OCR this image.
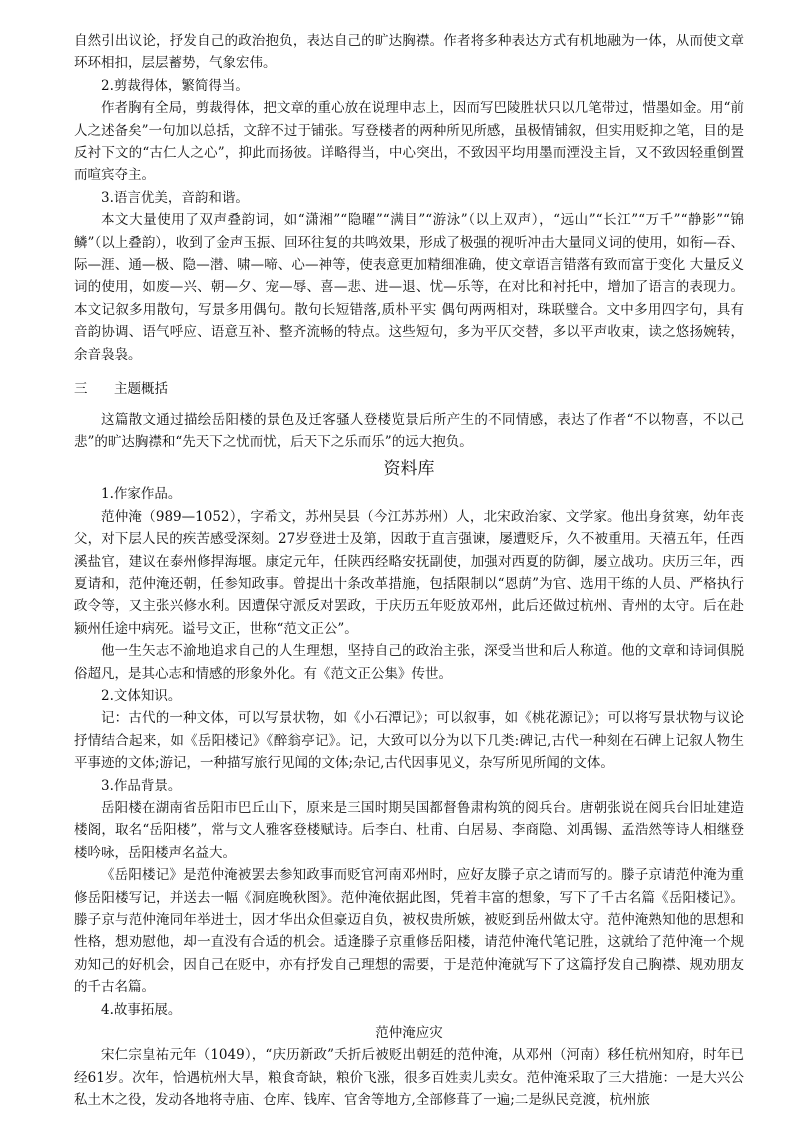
自然引出议论，抒发自己的政治抱负，表达自己的旷达胸襟。作者将多种表达方式有机地融为一体，从而使文章环环相扣，层层蓄势，气象宏伟。

2.剪裁得体，繁简得当。

作者胸有全局，剪裁得体，把文章的重心放在说理申志上，因而写巴陵胜状只以几笔带过，惜墨如金。用“前人之述备矣”一句加以总括，文辞不过于铺张。写登楼者的两种所见所感，虽极情铺叙，但实用贬抑之笔，目的是反衬下文的“古仁人之心”，抑此而扬彼。详略得当，中心突出，不致因平均用墨而湮没主旨，又不致因轻重倒置而喧宾夺主。

3.语言优美，音韵和谐。

本文大量使用了双声叠韵词，如“潇湘”“隐曜”“满目”“游泳”（以上双声），“远山”“长江”“万千”“静影”“锦鳞”（以上叠韵），收到了金声玉振、回环往复的共鸣效果，形成了极强的视听冲击大量同义词的使用，如衔—吞、际—涯、通—极、隐—潜、啸—啼、心—神等，使表意更加精细准确，使文章语言错落有致而富于变化 大量反义词的使用，如废—兴、朝—夕、宠—辱、喜—悲、进—退、忧—乐等，在对比和衬托中，增加了语言的表现力。本文记叙多用散句，写景多用偶句。散句长短错落,质朴平实 偶句两两相对，珠联璧合。文中多用四字句，具有音韵协调、语气呼应、语意互补、整齐流畅的特点。这些短句，多为平仄交替，多以平声收束，读之悠扬婉转，余音袅袅。

三 主题概括

这篇散文通过描绘岳阳楼的景色及迁客骚人登楼览景后所产生的不同情感，表达了作者“不以物喜，不以己悲”的旷达胸襟和“先天下之忧而忧，后天下之乐而乐”的远大抱负。

资料库

1.作家作品。

范仲淹（989—1052），字希文，苏州吴县（今江苏苏州）人，北宋政治家、文学家。他出身贫寒，幼年丧父，对下层人民的疾苦感受深刻。27岁登进士及第，因敢于直言强谏，屡遭贬斥，久不被重用。天禧五年，任西溪盐官，建议在泰州修捍海堰。康定元年，任陕西经略安抚副使，加强对西夏的防御，屡立战功。庆历三年，西夏请和，范仲淹还朝，任参知政事。曾提出十条改革措施，包括限制以“恩荫”为官、选用干练的人员、严格执行政令等，又主张兴修水利。因遭保守派反对罢政，于庆历五年贬放邓州，此后还做过杭州、青州的太守。后在赴颍州任途中病死。谥号文正，世称“范文正公”。

他一生矢志不渝地追求自己的人生理想，坚持自己的政治主张，深受当世和后人称道。他的文章和诗词俱脱俗超凡，是其心志和情感的形象外化。有《范文正公集》传世。

2.文体知识。

记：古代的一种文体，可以写景状物，如《小石潭记》；可以叙事，如《桃花源记》；可以将写景状物与议论抒情结合起来，如《岳阳楼记》《醉翁亭记》。记，大致可以分为以下几类:碑记,古代一种刻在石碑上记叙人物生平事迹的文体;游记，一种描写旅行见闻的文体;杂记,古代因事见义，杂写所见所闻的文体。

3.作品背景。

岳阳楼在湖南省岳阳市巴丘山下，原来是三国时期吴国都督鲁肃构筑的阅兵台。唐朝张说在阅兵台旧址建造楼阁，取名“岳阳楼”，常与文人雅客登楼赋诗。后李白、杜甫、白居易、李商隐、刘禹锡、孟浩然等诗人相继登楼吟咏，岳阳楼声名益大。

《岳阳楼记》是范仲淹被罢去参知政事而贬官河南邓州时，应好友滕子京之请而写的。滕子京请范仲淹为重修岳阳楼写记，并送去一幅《洞庭晚秋图》。范仲淹依据此图，凭着丰富的想象，写下了千古名篇《岳阳楼记》。滕子京与范仲淹同年举进士，因才华出众但豪迈自负，被权贵所嫉，被贬到岳州做太守。范仲淹熟知他的思想和性格，想劝慰他，却一直没有合适的机会。适逢滕子京重修岳阳楼，请范仲淹代笔记胜，这就给了范仲淹一个规劝知己的好机会，因自己在贬中，亦有抒发自己理想的需要，于是范仲淹就写下了这篇抒发自己胸襟、规劝朋友的千古名篇。

4.故事拓展。

范仲淹应灾

宋仁宗皇祐元年（1049），“庆历新政”夭折后被贬出朝廷的范仲淹，从邓州（河南）移任杭州知府，时年已经61岁。次年，恰遇杭州大旱，粮食奇缺，粮价飞涨，很多百姓卖儿卖女。范仲淹采取了三大措施：一是大兴公私土木之役，发动各地将寺庙、仓库、钱库、官舍等地方,全部修葺了一遍;二是纵民竞渡，杭州旅
